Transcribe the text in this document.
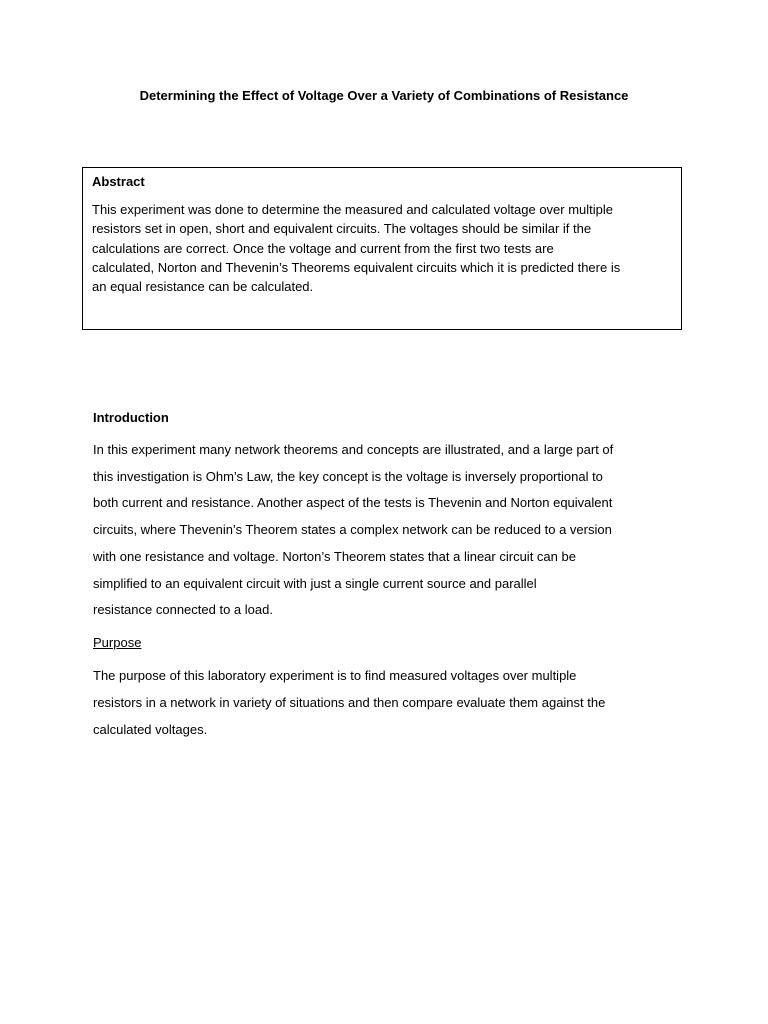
Determining the Effect of Voltage Over a Variety of Combinations of Resistance
Abstract

This experiment was done to determine the measured and calculated voltage over multiple
resistors set in open, short and equivalent circuits. The voltages should be similar if the
calculations are correct. Once the voltage and current from the first two tests are
calculated, Norton and Thevenin’s Theorems equivalent circuits which it is predicted there is
an equal resistance can be calculated.

Introduction
In this experiment many network theorems and concepts are illustrated, and a large part of
this investigation is Ohm’s Law, the key concept is the voltage is inversely proportional to
both current and resistance. Another aspect of the tests is Thevenin and Norton equivalent
circuits, where Thevenin’s Theorem states a complex network can be reduced to a version
with one resistance and voltage. Norton’s Theorem states that a linear circuit can be
simplified to an equivalent circuit with just a single current source and parallel
resistance connected to a load.
Purpose
The purpose of this laboratory experiment is to find measured voltages over multiple
resistors in a network in variety of situations and then compare evaluate them against the
calculated voltages.
